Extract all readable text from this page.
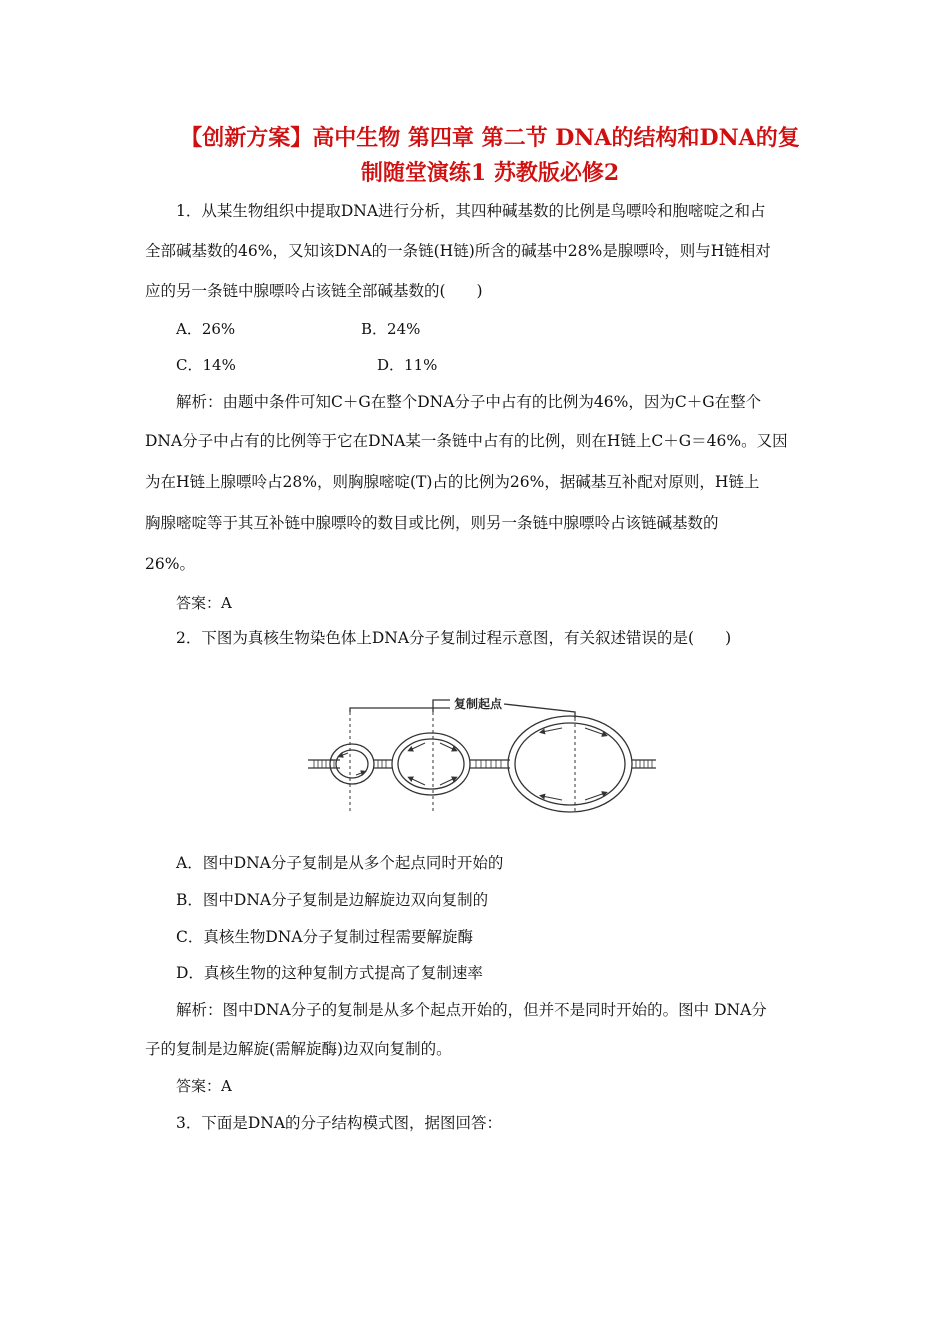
【创新方案】高中生物 第四章 第二节 DNA的结构和DNA的复
制随堂演练1 苏教版必修2
1．从某生物组织中提取DNA进行分析，其四种碱基数的比例是鸟嘌呤和胞嘧啶之和占
全部碱基数的46%，又知该DNA的一条链(H链)所含的碱基中28%是腺嘌呤，则与H链相对
应的另一条链中腺嘌呤占该链全部碱基数的(　　)
A．26%	B．24%
C．14%	D．11%
解析：由题中条件可知C＋G在整个DNA分子中占有的比例为46%，因为C＋G在整个
DNA分子中占有的比例等于它在DNA某一条链中占有的比例，则在H链上C＋G＝46%。又因
为在H链上腺嘌呤占28%，则胸腺嘧啶(T)占的比例为26%，据碱基互补配对原则，H链上
胸腺嘧啶等于其互补链中腺嘌呤的数目或比例，则另一条链中腺嘌呤占该链碱基数的
26%。
答案：A
2．下图为真核生物染色体上DNA分子复制过程示意图，有关叙述错误的是(　　)
复制起点
A．图中DNA分子复制是从多个起点同时开始的
B．图中DNA分子复制是边解旋边双向复制的
C．真核生物DNA分子复制过程需要解旋酶
D．真核生物的这种复制方式提高了复制速率
解析：图中DNA分子的复制是从多个起点开始的，但并不是同时开始的。图中 DNA分
子的复制是边解旋(需解旋酶)边双向复制的。
答案：A
3．下面是DNA的分子结构模式图，据图回答：
